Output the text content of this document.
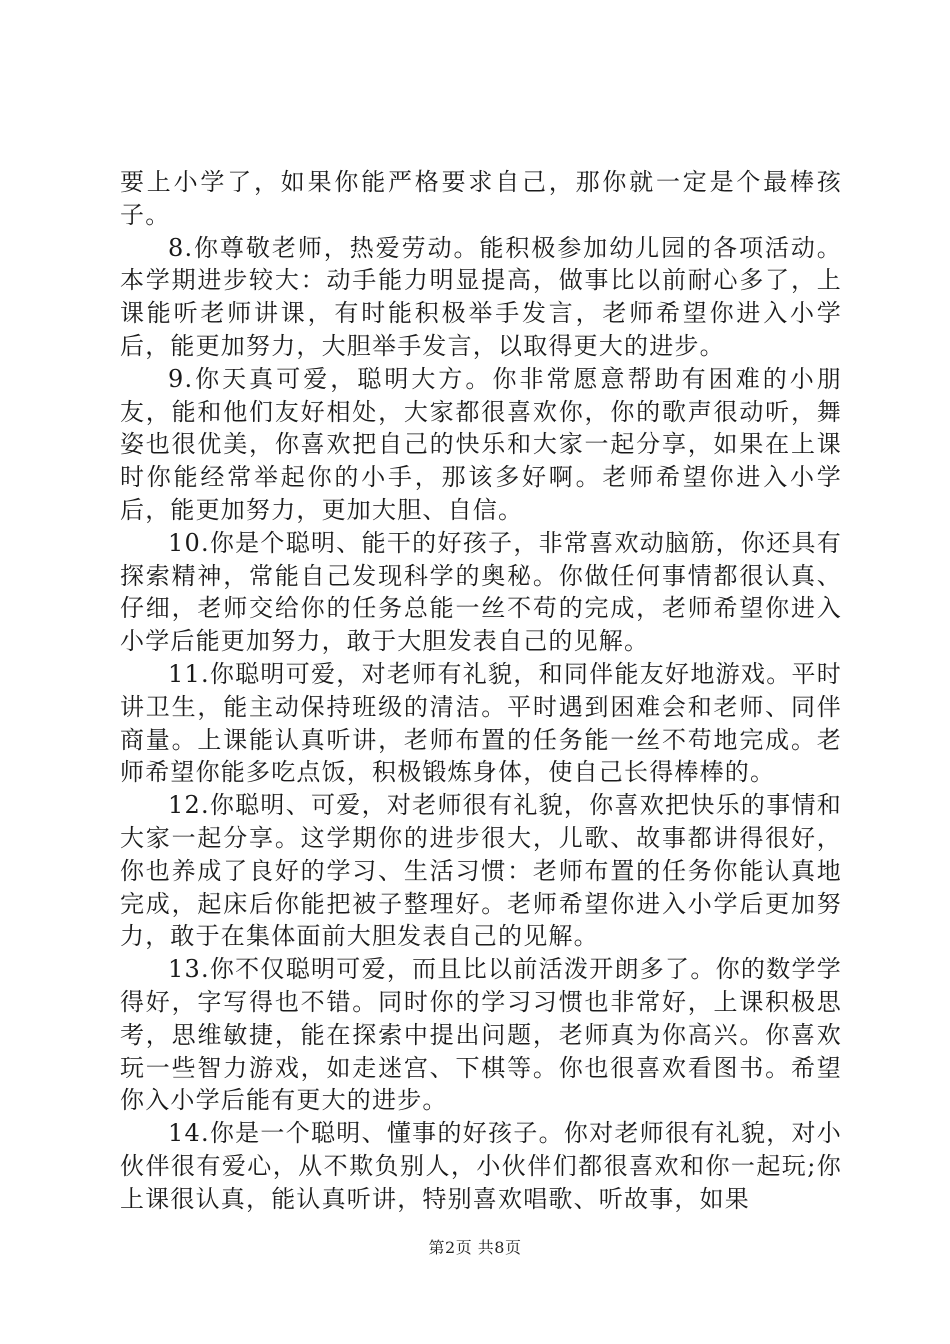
要上小学了，如果你能严格要求自己，那你就一定是个最棒孩子。

8.你尊敬老师，热爱劳动。能积极参加幼儿园的各项活动。本学期进步较大：动手能力明显提高，做事比以前耐心多了，上课能听老师讲课，有时能积极举手发言，老师希望你进入小学后，能更加努力，大胆举手发言，以取得更大的进步。

9.你天真可爱，聪明大方。你非常愿意帮助有困难的小朋友，能和他们友好相处，大家都很喜欢你，你的歌声很动听，舞姿也很优美，你喜欢把自己的快乐和大家一起分享，如果在上课时你能经常举起你的小手，那该多好啊。老师希望你进入小学后，能更加努力，更加大胆、自信。

10.你是个聪明、能干的好孩子，非常喜欢动脑筋，你还具有探索精神，常能自己发现科学的奥秘。你做任何事情都很认真、仔细，老师交给你的任务总能一丝不苟的完成，老师希望你进入小学后能更加努力，敢于大胆发表自己的见解。

11.你聪明可爱，对老师有礼貌，和同伴能友好地游戏。平时讲卫生，能主动保持班级的清洁。平时遇到困难会和老师、同伴商量。上课能认真听讲，老师布置的任务能一丝不苟地完成。老师希望你能多吃点饭，积极锻炼身体，使自己长得棒棒的。

12.你聪明、可爱，对老师很有礼貌，你喜欢把快乐的事情和大家一起分享。这学期你的进步很大，儿歌、故事都讲得很好，你也养成了良好的学习、生活习惯：老师布置的任务你能认真地完成，起床后你能把被子整理好。老师希望你进入小学后更加努力，敢于在集体面前大胆发表自己的见解。

13.你不仅聪明可爱，而且比以前活泼开朗多了。你的数学学得好，字写得也不错。同时你的学习习惯也非常好，上课积极思考，思维敏捷，能在探索中提出问题，老师真为你高兴。你喜欢玩一些智力游戏，如走迷宫、下棋等。你也很喜欢看图书。希望你入小学后能有更大的进步。

14.你是一个聪明、懂事的好孩子。你对老师很有礼貌，对小伙伴很有爱心，从不欺负别人，小伙伴们都很喜欢和你一起玩;你上课很认真，能认真听讲，特别喜欢唱歌、听故事，如果

第2页 共8页
